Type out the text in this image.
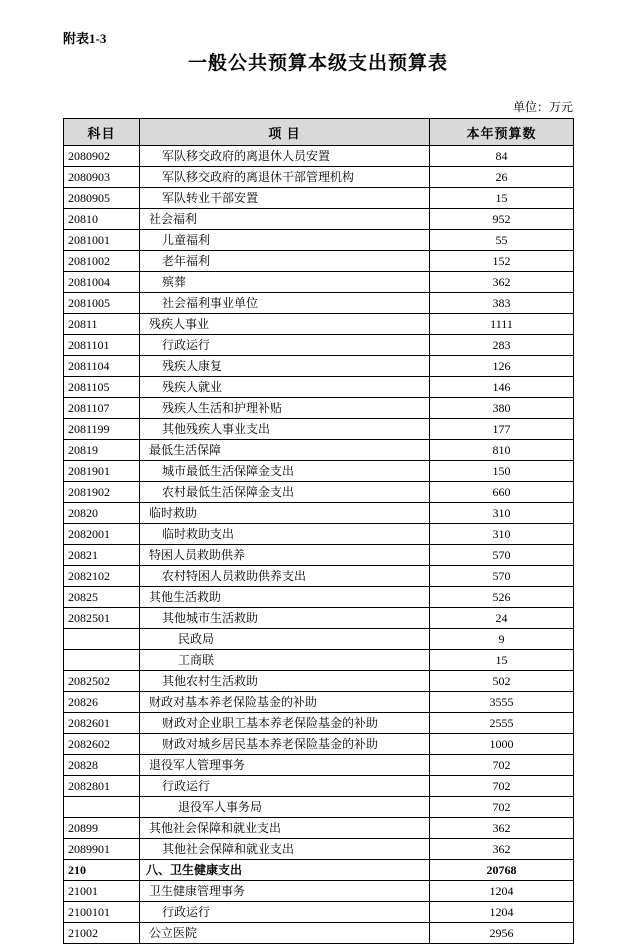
附表1-3
一般公共预算本级支出预算表
单位：万元
科目	项 目	本年预算数
2080902	军队移交政府的离退休人员安置	84
2080903	军队移交政府的离退休干部管理机构	26
2080905	军队转业干部安置	15
20810	社会福利	952
2081001	儿童福利	55
2081002	老年福利	152
2081004	殡葬	362
2081005	社会福利事业单位	383
20811	残疾人事业	1111
2081101	行政运行	283
2081104	残疾人康复	126
2081105	残疾人就业	146
2081107	残疾人生活和护理补贴	380
2081199	其他残疾人事业支出	177
20819	最低生活保障	810
2081901	城市最低生活保障金支出	150
2081902	农村最低生活保障金支出	660
20820	临时救助	310
2082001	临时救助支出	310
20821	特困人员救助供养	570
2082102	农村特困人员救助供养支出	570
20825	其他生活救助	526
2082501	其他城市生活救助	24
	民政局	9
	工商联	15
2082502	其他农村生活救助	502
20826	财政对基本养老保险基金的补助	3555
2082601	财政对企业职工基本养老保险基金的补助	2555
2082602	财政对城乡居民基本养老保险基金的补助	1000
20828	退役军人管理事务	702
2082801	行政运行	702
	退役军人事务局	702
20899	其他社会保障和就业支出	362
2089901	其他社会保障和就业支出	362
210	八、卫生健康支出	20768
21001	卫生健康管理事务	1204
2100101	行政运行	1204
21002	公立医院	2956
